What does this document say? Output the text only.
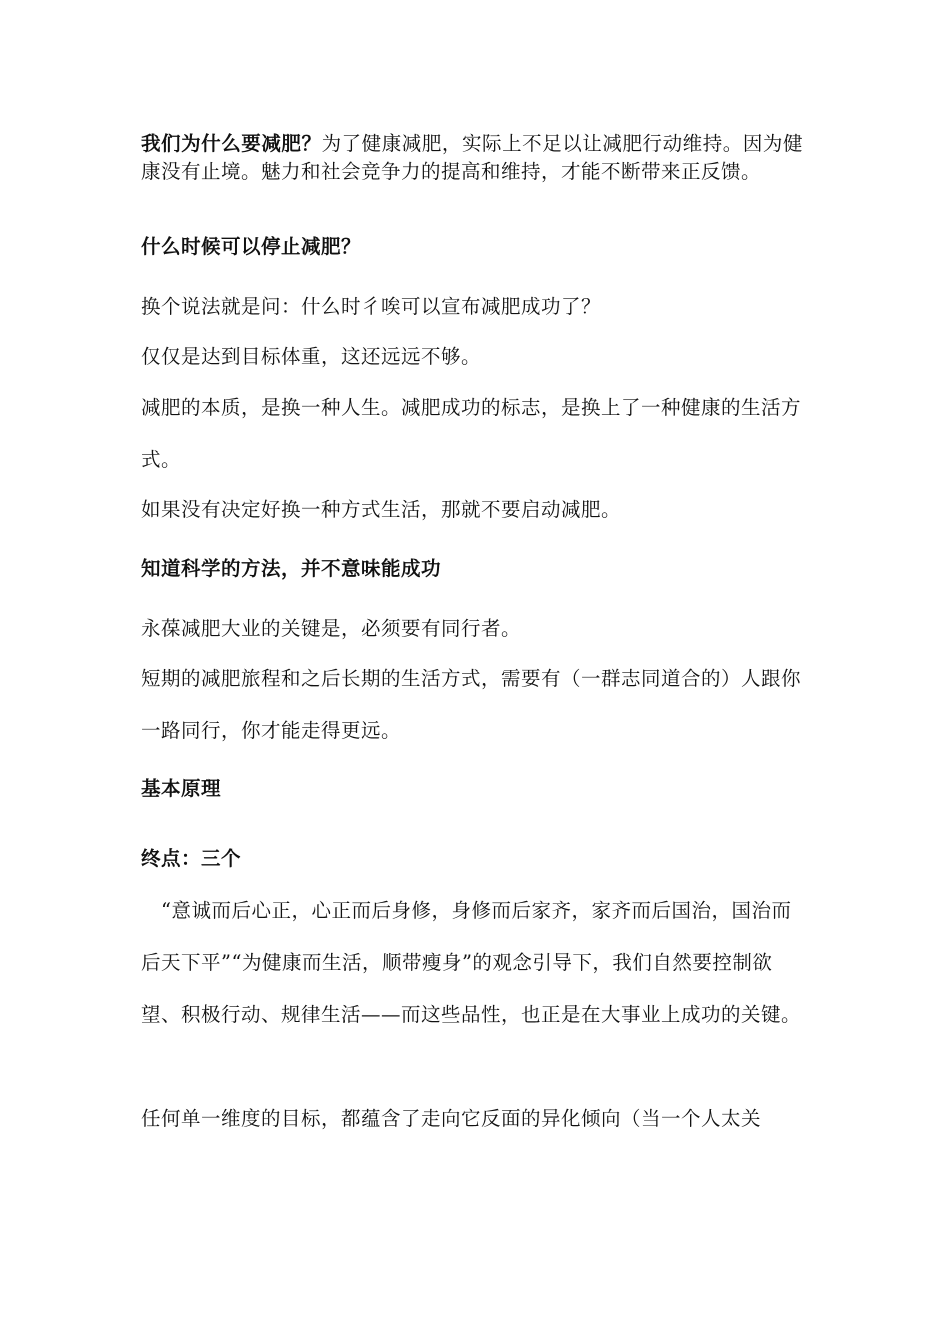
我们为什么要减肥？为了健康减肥，实际上不足以让减肥行动维持。因为健康没有止境。魅力和社会竞争力的提高和维持，才能不断带来正反馈。

什么时候可以停止减肥？

换个说法就是问：什么时彳唉可以宣布减肥成功了？

仅仅是达到目标体重，这还远远不够。

减肥的本质，是换一种人生。减肥成功的标志，是换上了一种健康的生活方式。

如果没有决定好换一种方式生活，那就不要启动减肥。

知道科学的方法，并不意味能成功

永葆减肥大业的关键是，必须要有同行者。

短期的减肥旅程和之后长期的生活方式，需要有（一群志同道合的）人跟你一路同行，你才能走得更远。

基本原理

终点：三个

“意诚而后心正，心正而后身修，身修而后家齐，家齐而后国治，国治而后天下平”“为健康而生活，顺带瘦身”的观念引导下，我们自然要控制欲望、积极行动、规律生活——而这些品性，也正是在大事业上成功的关键。

任何单一维度的目标，都蕴含了走向它反面的异化倾向（当一个人太关
